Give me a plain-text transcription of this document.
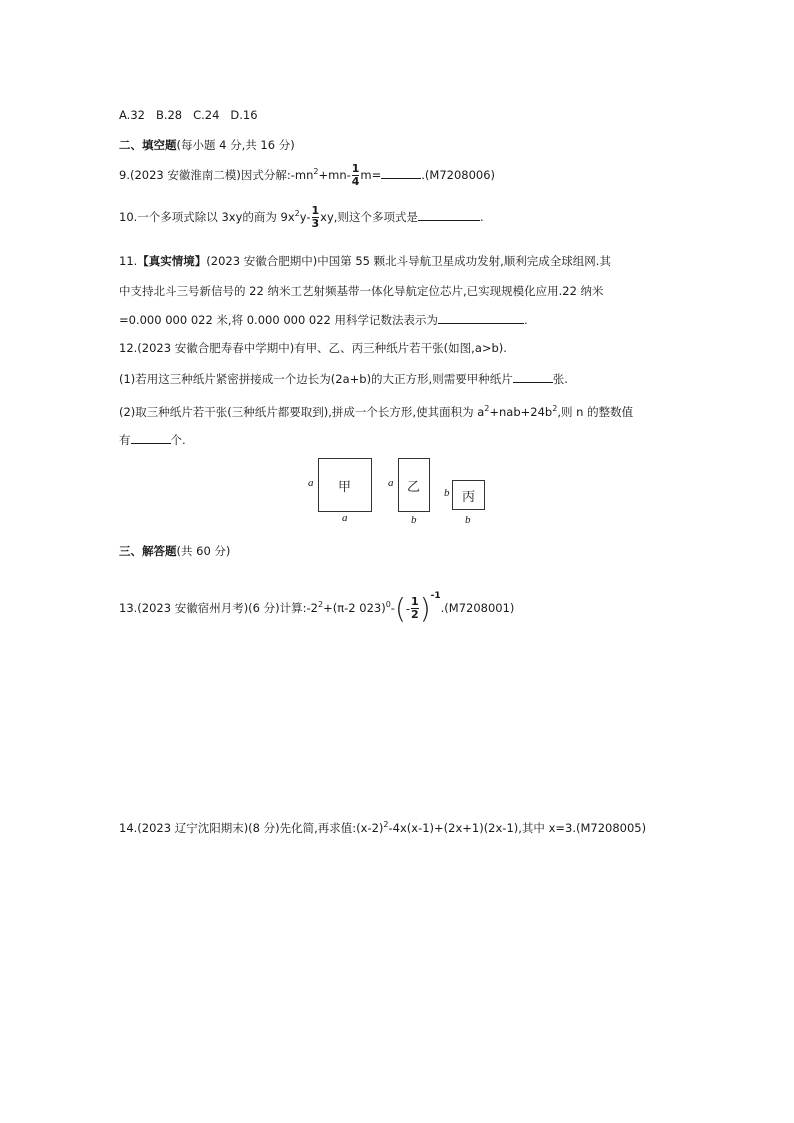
A.32 B.28 C.24 D.16
二、填空题(每小题 4 分,共 16 分)
9.(2023 安徽淮南二模)因式分解$:-mn^2+mn- \frac{1}{4} m=$	.(M7208006)
10.一个多项式除以 3xy的商为 $9x^2y- \frac{1}{3}$ xy,则这个多项式是	.
11.【真实情境】(2023 安徽合肥期中)中国第 55 颗北斗导航卫星成功发射,顺利完成全球组网.其
中支持北斗三号新信号的 22 纳米工艺射频基带一体化导航定位芯片,已实现规模化应用.22 纳米
=0.000 000 022 米,将 0.000 000 022 用科学记数法表示为	.
12.(2023 安徽合肥寿春中学期中)有甲、乙、丙三种纸片若干张(如图,a>b).
(1)若用这三种纸片紧密拼接成一个边长为(2a+b)的大正方形,则需要甲种纸片	张.
(2)取三种纸片若干张(三种纸片都要取到),拼成一个长方形,使其面积为 $a^2+nab+24b^2$,则 n 的整数值
有	个.
甲
a
a
乙
a
b
丙
b
b
三、解答题(共 60 分)
13.(2023 安徽宿州月考)(6 分)计算$:-2^2+(\pi-2$ $023)^0-(- \frac{1}{2} )^{-1}.(M7208001)$
14.(2023 辽宁沈阳期末)(8 分)先化简,再求值$:(x-2)^2-4x(x-1)+(2x+1)(2x-1)$,其中 x=3.(M7208005)
